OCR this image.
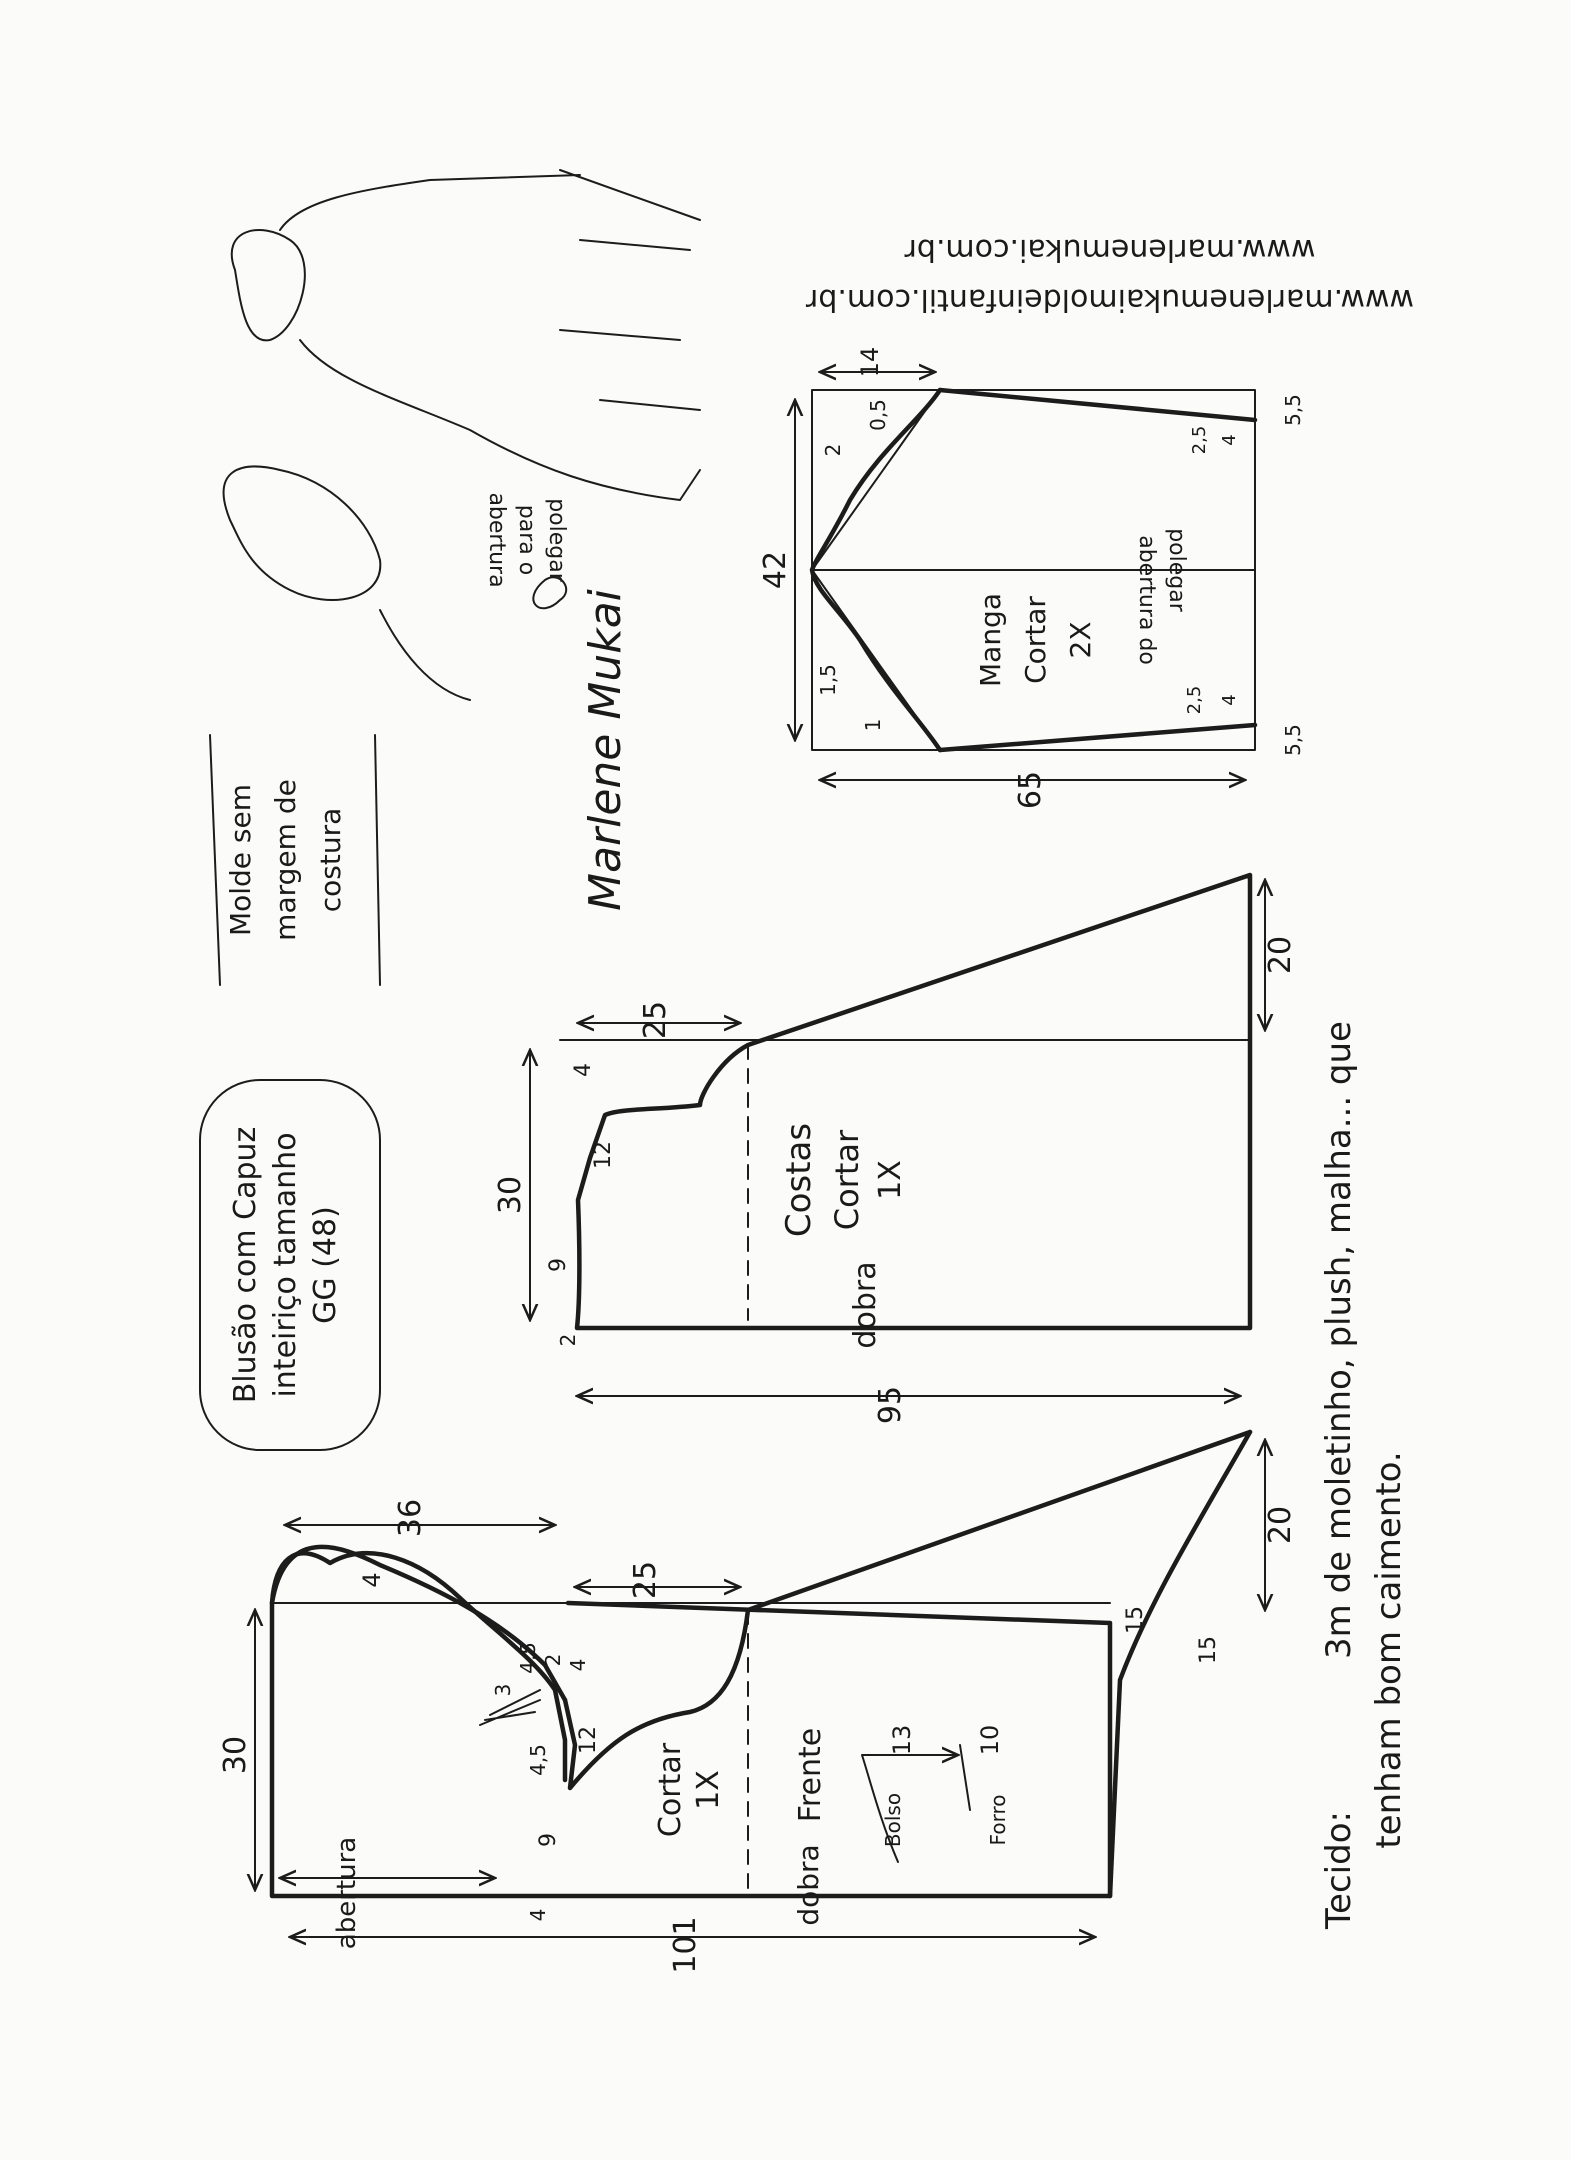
101
36
4
30
25
20
15
15
4,5 2
3
4,5
4
12
9
4
abertura
Cortar 1X Frente
dobra
Bolso	Forro
13	10
95
30
25
4
12
9
2
20
Costas Cortar 1X
dobra
42
65
14
0,5
2
1,5
1
5,5
5,5
2,5 4
2,5 4
Manga Cortar 2X abertura do polegar
abertura para o polegar
Blusão com Capuz inteiriço tamanho GG (48)
Molde sem margem de costura
www.marlenemukai.com.br
www.marlenemukaimoldeinfantil.com.br
Tecido:
3m de moletinho, plush, malha... que tenham bom caimento.
Marlene Mukai
